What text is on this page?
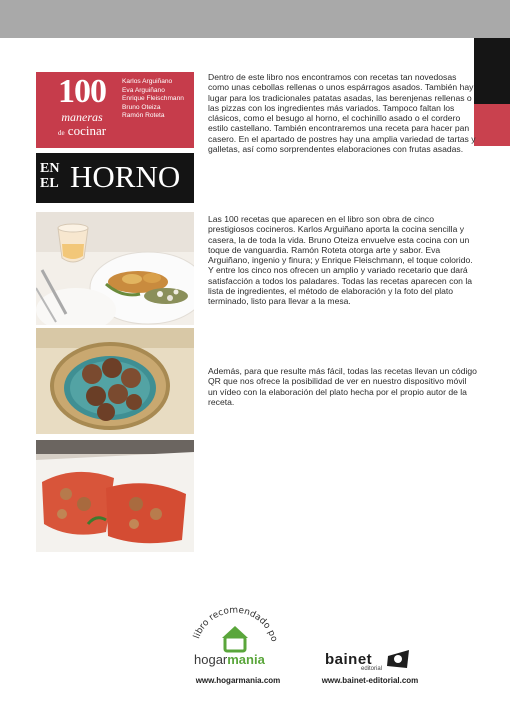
100
maneras
de cocinar
Karlos Arguiñano
Eva Arguiñano
Enrique Fleischmann
Bruno Oteiza
Ramón Roteta
EN
EL HORNO

Dentro de este libro nos encontramos con recetas tan novedosas como unas cebollas rellenas o unos espárragos asados. También hay lugar para los tradicionales patatas asadas, las berenjenas rellenas o las pizzas con los ingredientes más variados. Tampoco faltan los clásicos, como el besugo al horno, el cochinillo asado o el cordero estilo castellano. También encontraremos una receta para hacer pan casero. En el apartado de postres hay una amplia variedad de tartas y galletas, así como sorprendentes elaboraciones con frutas asadas.

Las 100 recetas que aparecen en el libro son obra de cinco prestigiosos cocineros. Karlos Arguiñano aporta la cocina sencilla y casera, la de toda la vida. Bruno Oteiza envuelve esta cocina con un toque de vanguardia. Ramón Roteta otorga arte y sabor. Eva Arguiñano, ingenio y finura; y Enrique Fleischmann, el toque colorido. Y entre los cinco nos ofrecen un amplio y variado recetario que dará satisfacción a todos los paladares. Todas las recetas aparecen con la lista de ingredientes, el método de elaboración y la foto del plato terminado, listo para llevar a la mesa.

Además, para que resulte más fácil, todas las recetas llevan un código QR que nos ofrece la posibilidad de ver en nuestro dispositivo móvil un vídeo con la elaboración del plato hecha por el propio autor de la receta.

libro recomendado po
hogarmania
www.hogarmania.com
bainet
editorial
www.bainet-editorial.com
